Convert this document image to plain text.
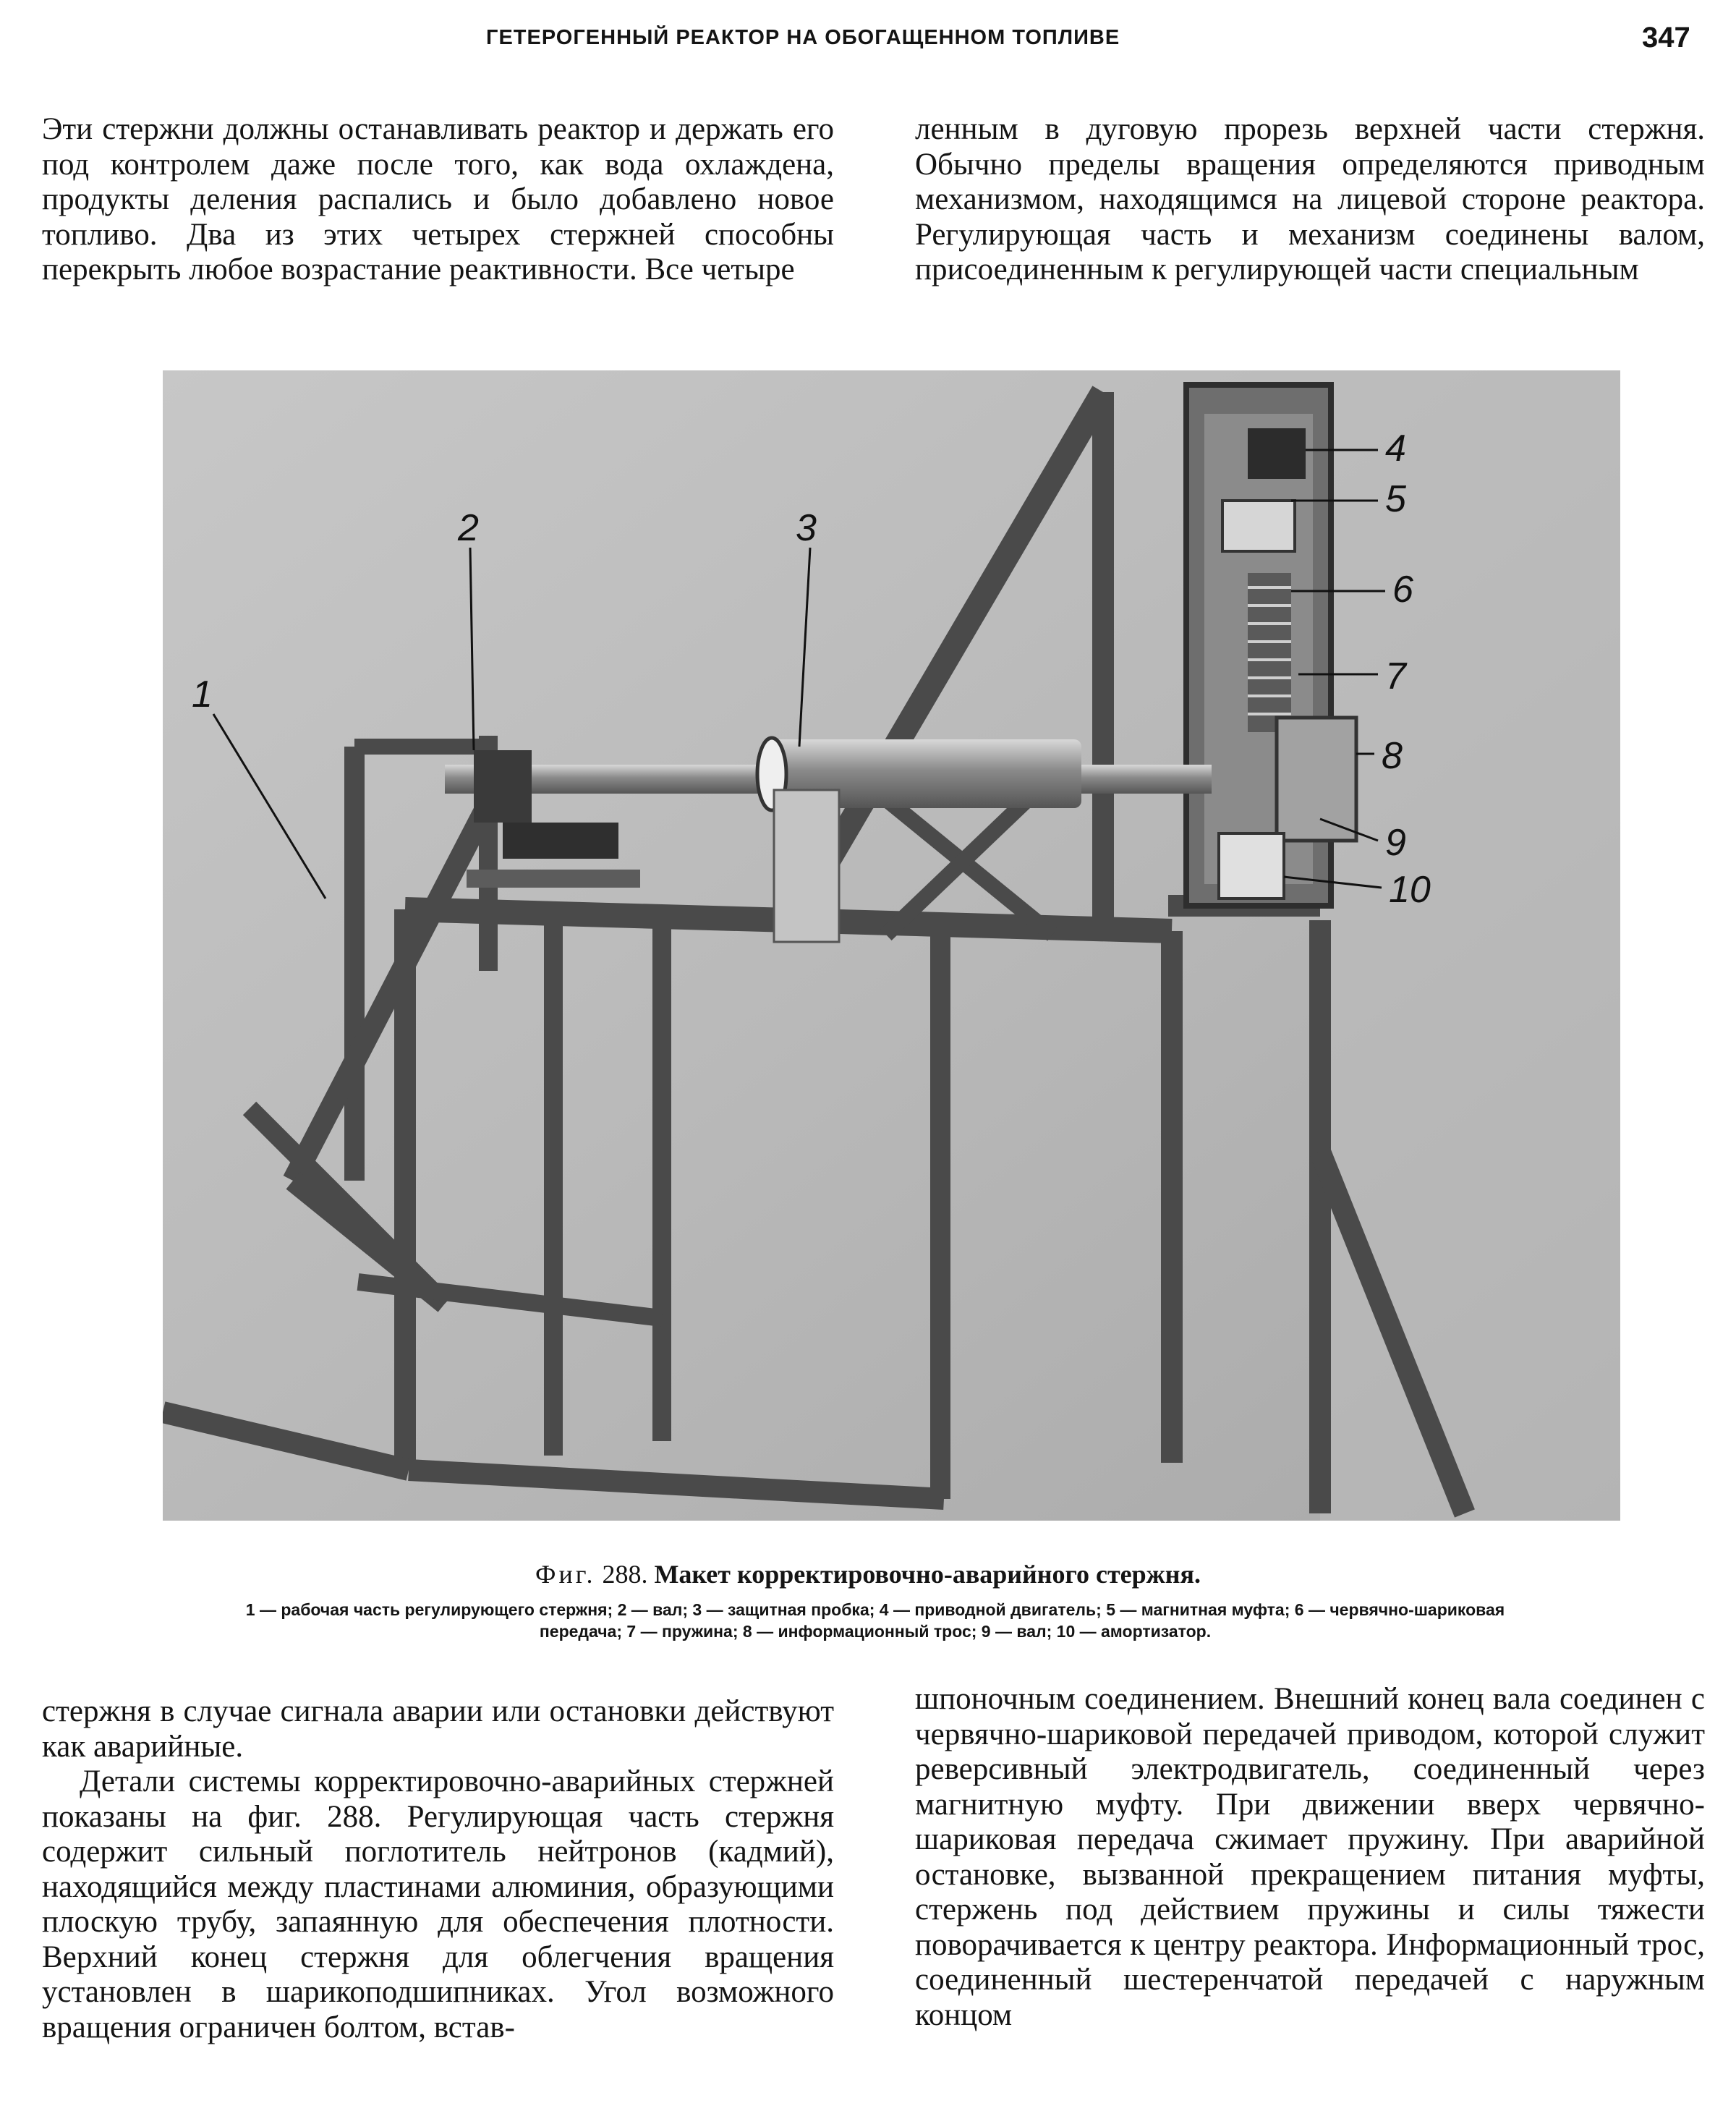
ГЕТЕРОГЕННЫЙ РЕАКТОР НА ОБОГАЩЕННОМ ТОПЛИВЕ	347

Эти стержни должны останавливать реактор и держать его под контролем даже после того, как вода охлаждена, продукты деления распались и было добавлено новое топливо. Два из этих четырех стержней способны перекрыть любое возрастание реактивности. Все четыре

ленным в дуговую прорезь верхней части стержня. Обычно пределы вращения определяются приводным механизмом, находящимся на лицевой стороне реактора. Регулирующая часть и механизм соединены валом, присоединенным к регулирующей части специальным

1
2	3
4
5
6
7
8
9
10
Фиг. 288. Макет корректировочно-аварийного стержня.
1 — рабочая часть регулирующего стержня; 2 — вал; 3 — защитная пробка; 4 — приводной двигатель; 5 — магнитная муфта; 6 — червячно-шариковая передача; 7 — пружина; 8 — информационный трос; 9 — вал; 10 — амортизатор.

стержня в случае сигнала аварии или остановки действуют как аварийные.

Детали системы корректировочно-аварийных стержней показаны на фиг. 288. Регулирующая часть стержня содержит сильный поглотитель нейтронов (кадмий), находящийся между пластинами алюминия, образующими плоскую трубу, запаянную для обеспечения плотности. Верхний конец стержня для облегчения вращения установлен в шарикоподшипниках. Угол возможного вращения ограничен болтом, встав-

шпоночным соединением. Внешний конец вала соединен с червячно-шариковой передачей приводом, которой служит реверсивный электродвигатель, соединенный через магнитную муфту. При движении вверх червячно-шариковая передача сжимает пружину. При аварийной остановке, вызванной прекращением питания муфты, стержень под действием пружины и силы тяжести поворачивается к центру реактора. Информационный трос, соединенный шестеренчатой передачей с наружным концом
